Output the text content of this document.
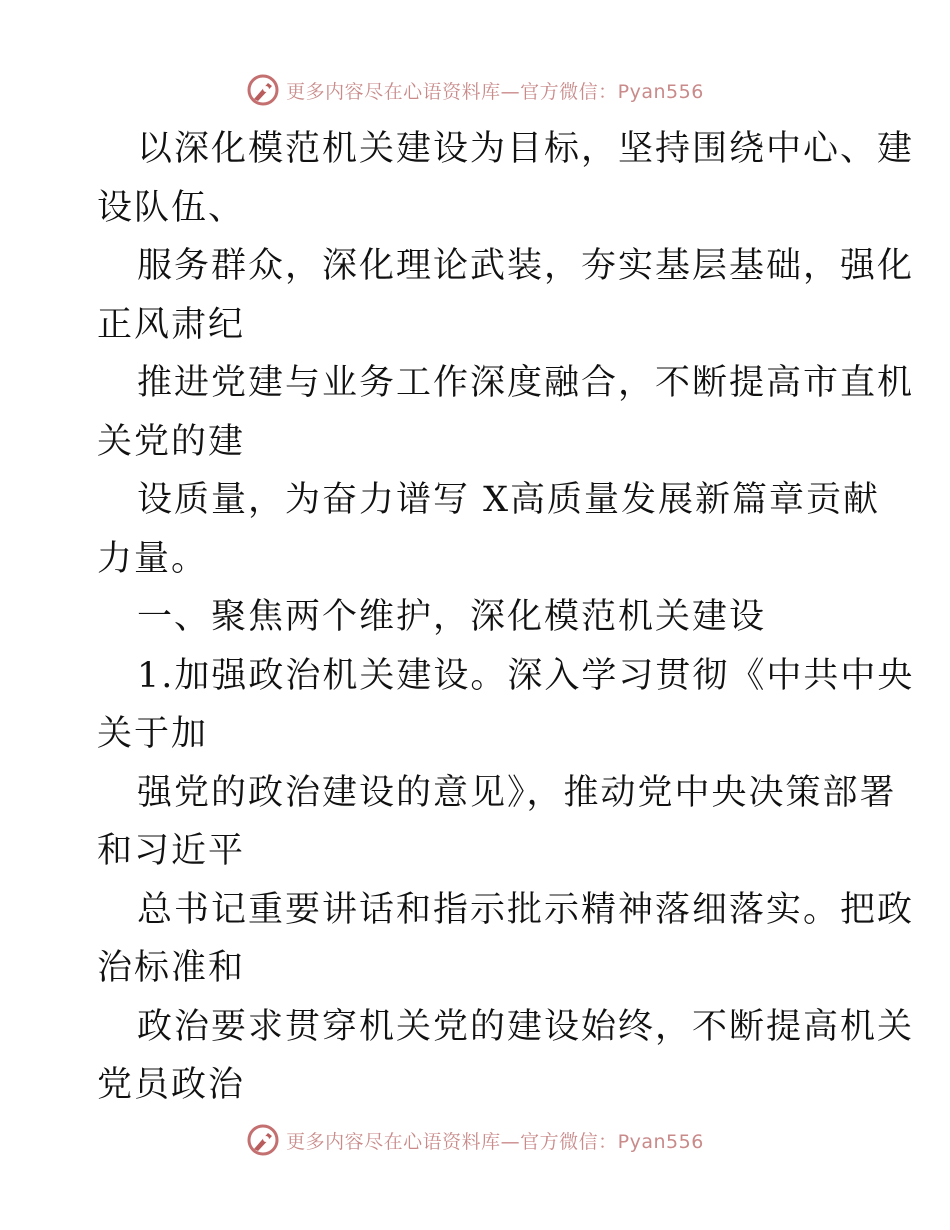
更多内容尽在心语资料库—官方微信：Pyan556
以深化模范机关建设为目标，坚持围绕中心、建
设队伍、
服务群众，深化理论武装，夯实基层基础，强化
正风肃纪
推进党建与业务工作深度融合，不断提高市直机
关党的建
设质量，为奋力谱写 X高质量发展新篇章贡献
力量。
一、聚焦两个维护，深化模范机关建设
1.加强政治机关建设。深入学习贯彻《中共中央
关于加
强党的政治建设的意见》，推动党中央决策部署
和习近平
总书记重要讲话和指示批示精神落细落实。把政
治标准和
政治要求贯穿机关党的建设始终，不断提高机关
党员政治
更多内容尽在心语资料库—官方微信：Pyan556
